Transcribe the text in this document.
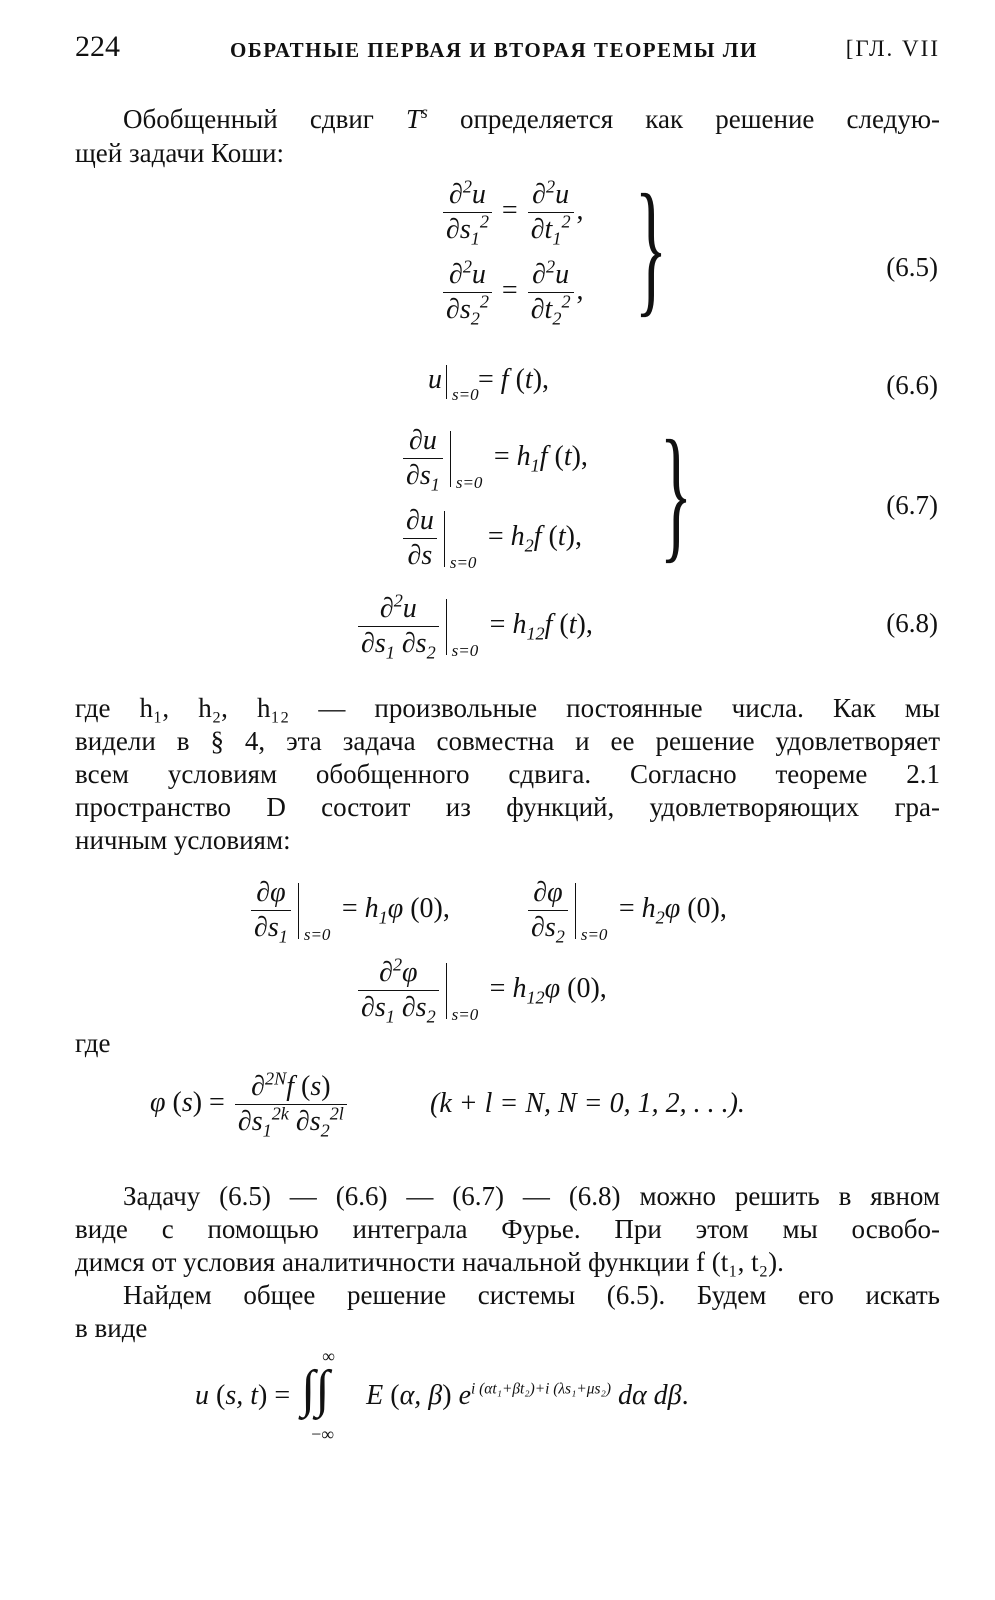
224	ОБРАТНЫЕ ПЕРВАЯ И ВТОРАЯ ТЕОРЕМЫ ЛИ	[ГЛ. VII
Обобщенный сдвиг $T^s$ определяется как решение следую-
щей задачи Коши:
$\frac{\partial^2u}{\partial s_1^2} = \frac{\partial^2u}{\partial t_1^2}$ ,
$\frac{\partial^2u}{\partial s_2^2} = \frac{\partial^2u}{\partial t_2^2}$ , }	(6.5)
u s=0 = f (t),	(6.6)
$\frac{\partial u}{\partial s_1} s=0$
= $h_1f$ (t),
$\frac{\partial u}{\partial s} s=0$
= $h_2f$ (t), }	(6.7)
$\frac{\partial^2u}{\partial s_1 \partial s_2} s=0$
= $h_{12}f$ (t),	(6.8)
где h₁, h₂, h₁₂ — произвольные постоянные числа. Как мы
видели в § 4, эта задача совместна и ее решение удовлетворяет
всем условиям обобщенного сдвига. Согласно теореме 2.1
пространство D состоит из функций, удовлетворяющих гра-
ничным условиям:
$\frac{\partial\varphi}{\partial s_1} s=0$
= $h_1\varphi$ (0),	$\frac{\partial\varphi}{\partial s_2} s=0$
= $h_2\varphi$ (0),
$\frac{\partial^2\varphi}{\partial s_1 \partial s_2} s=0$
= $h_{12}\varphi$ (0),
где
φ $(s) = \frac{\partial^{2N}f (s)}{\partial s_1^{2k} \partial s_2^{2l}}$	(k + l = N, N = 0, 1, 2, . . .).
Задачу (6.5) — (6.6) — (6.7) — (6.8) можно решить в явном
виде с помощью интеграла Фурье. При этом мы освобо-
димся от условия аналитичности начальной функции f (t₁, t₂).
Найдем общее решение системы (6.5). Будем его искать
в виде
u (s, t) =
∞
∫∫
−∞
E (α, β) $e^{i (\alpha t_1+\beta t_2)+i (\lambda s_1+\mu s_2)}$ dα dβ.
